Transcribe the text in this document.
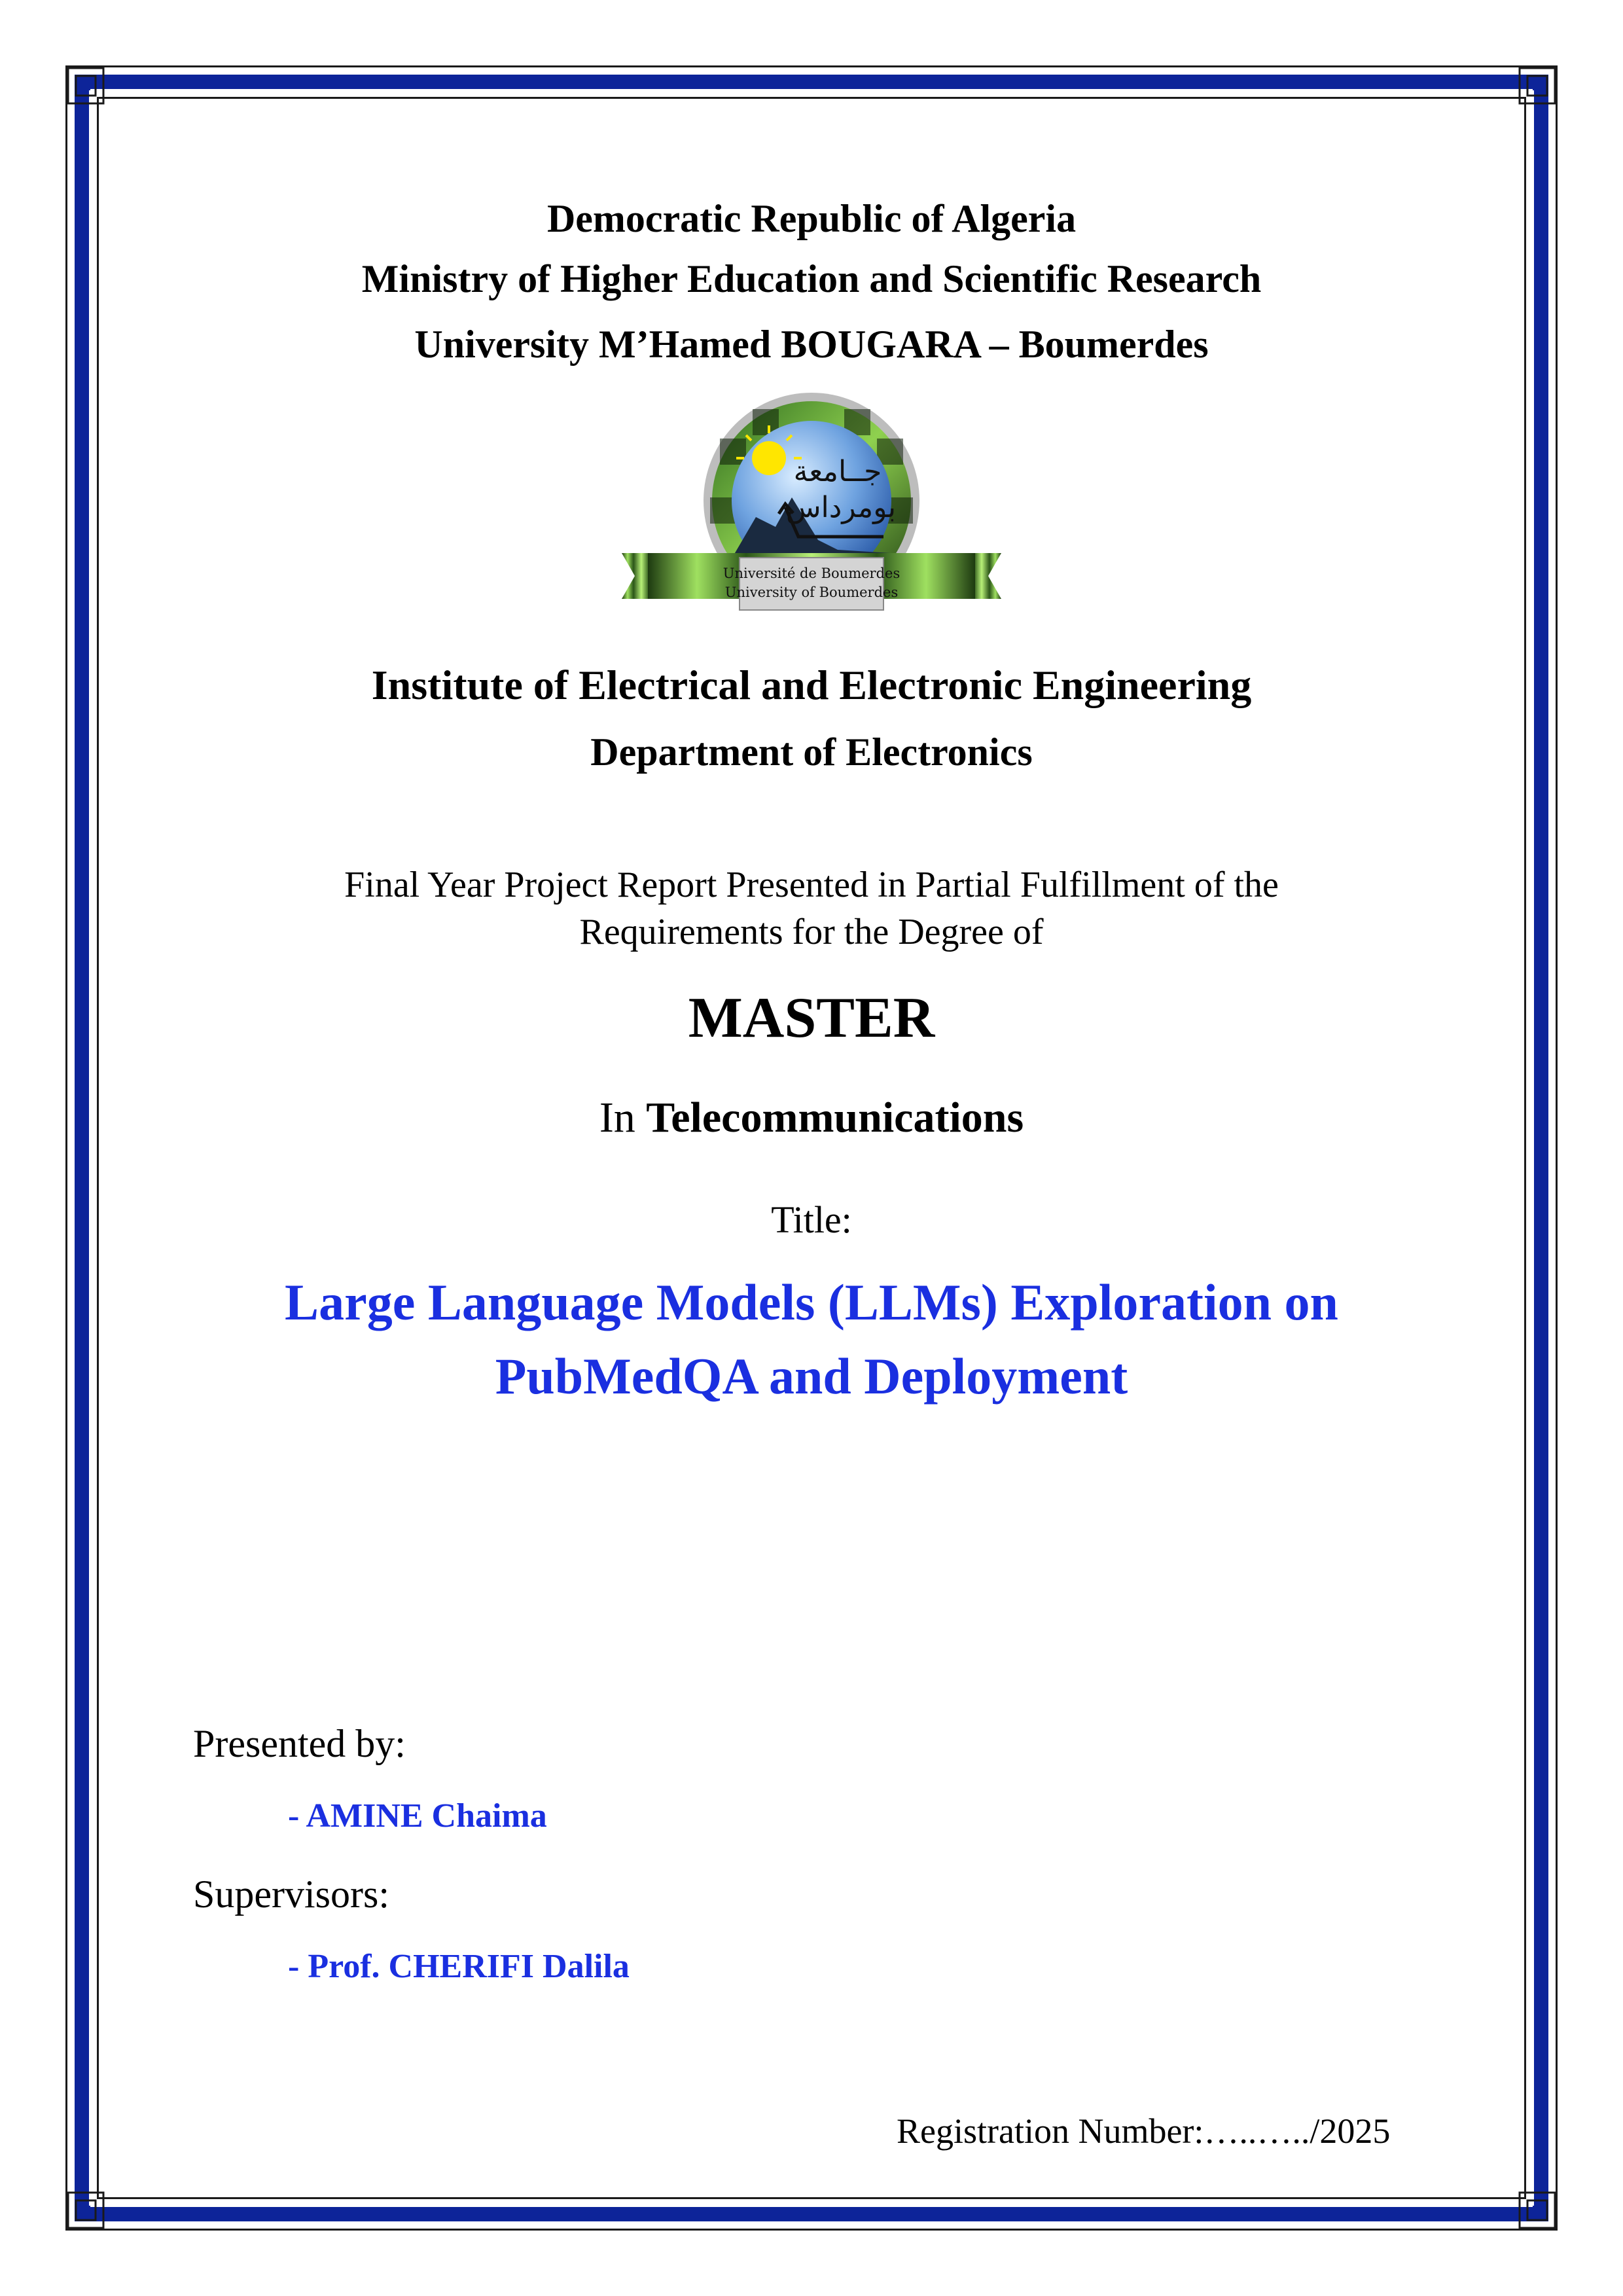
Democratic Republic of Algeria
Ministry of Higher Education and Scientific Research
University M’Hamed BOUGARA – Boumerdes
جــامعة
بومرداس
Université de Boumerdes
University of Boumerdes
Institute of Electrical and Electronic Engineering
Department of Electronics
Final Year Project Report Presented in Partial Fulfillment of the
Requirements for the Degree of
MASTER
In Telecommunications
Title:
Large Language Models (LLMs) Exploration on
PubMedQA and Deployment
Presented by:
- AMINE Chaima
Supervisors:
- Prof. CHERIFI Dalila
Registration Number:…..…../2025
